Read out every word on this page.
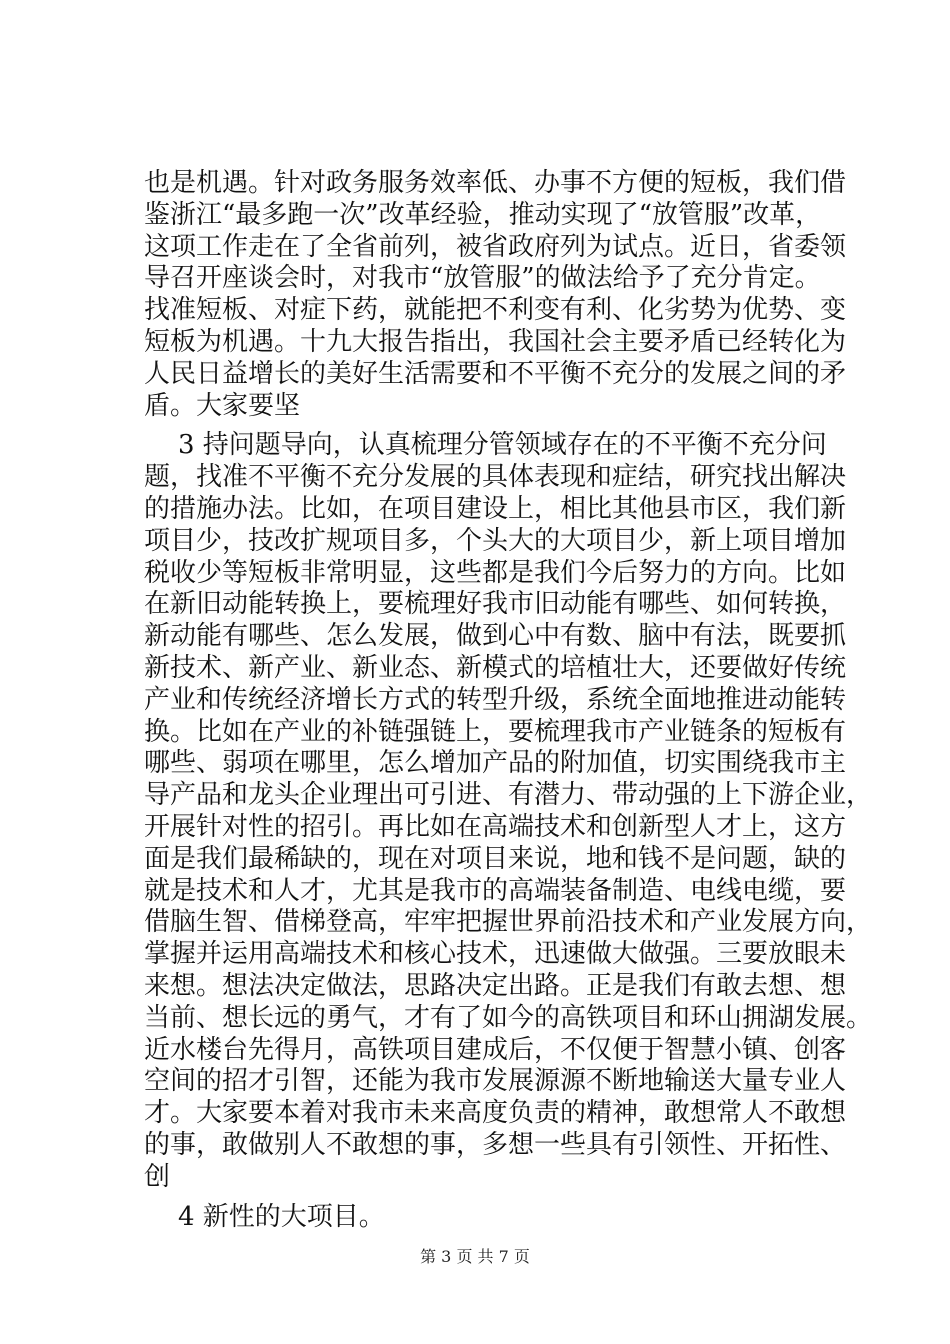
也是机遇。针对政务服务效率低、办事不方便的短板，我们借
鉴浙江“最多跑一次”改革经验，推动实现了“放管服”改革，
这项工作走在了全省前列，被省政府列为试点。近日，省委领
导召开座谈会时，对我市“放管服”的做法给予了充分肯定。
找准短板、对症下药，就能把不利变有利、化劣势为优势、变
短板为机遇。十九大报告指出，我国社会主要矛盾已经转化为
人民日益增长的美好生活需要和不平衡不充分的发展之间的矛
盾。大家要坚
3 持问题导向，认真梳理分管领域存在的不平衡不充分问
题，找准不平衡不充分发展的具体表现和症结，研究找出解决
的措施办法。比如，在项目建设上，相比其他县市区，我们新
项目少，技改扩规项目多，个头大的大项目少，新上项目增加
税收少等短板非常明显，这些都是我们今后努力的方向。比如
在新旧动能转换上，要梳理好我市旧动能有哪些、如何转换，
新动能有哪些、怎么发展，做到心中有数、脑中有法，既要抓
新技术、新产业、新业态、新模式的培植壮大，还要做好传统
产业和传统经济增长方式的转型升级，系统全面地推进动能转
换。比如在产业的补链强链上，要梳理我市产业链条的短板有
哪些、弱项在哪里，怎么增加产品的附加值，切实围绕我市主
导产品和龙头企业理出可引进、有潜力、带动强的上下游企业，
开展针对性的招引。再比如在高端技术和创新型人才上，这方
面是我们最稀缺的，现在对项目来说，地和钱不是问题，缺的
就是技术和人才，尤其是我市的高端装备制造、电线电缆，要
借脑生智、借梯登高，牢牢把握世界前沿技术和产业发展方向，
掌握并运用高端技术和核心技术，迅速做大做强。三要放眼未
来想。想法决定做法，思路决定出路。正是我们有敢去想、想
当前、想长远的勇气，才有了如今的高铁项目和环山拥湖发展。
近水楼台先得月，高铁项目建成后，不仅便于智慧小镇、创客
空间的招才引智，还能为我市发展源源不断地输送大量专业人
才。大家要本着对我市未来高度负责的精神，敢想常人不敢想
的事，敢做别人不敢想的事，多想一些具有引领性、开拓性、
创
4 新性的大项目。
第 3 页 共 7 页
